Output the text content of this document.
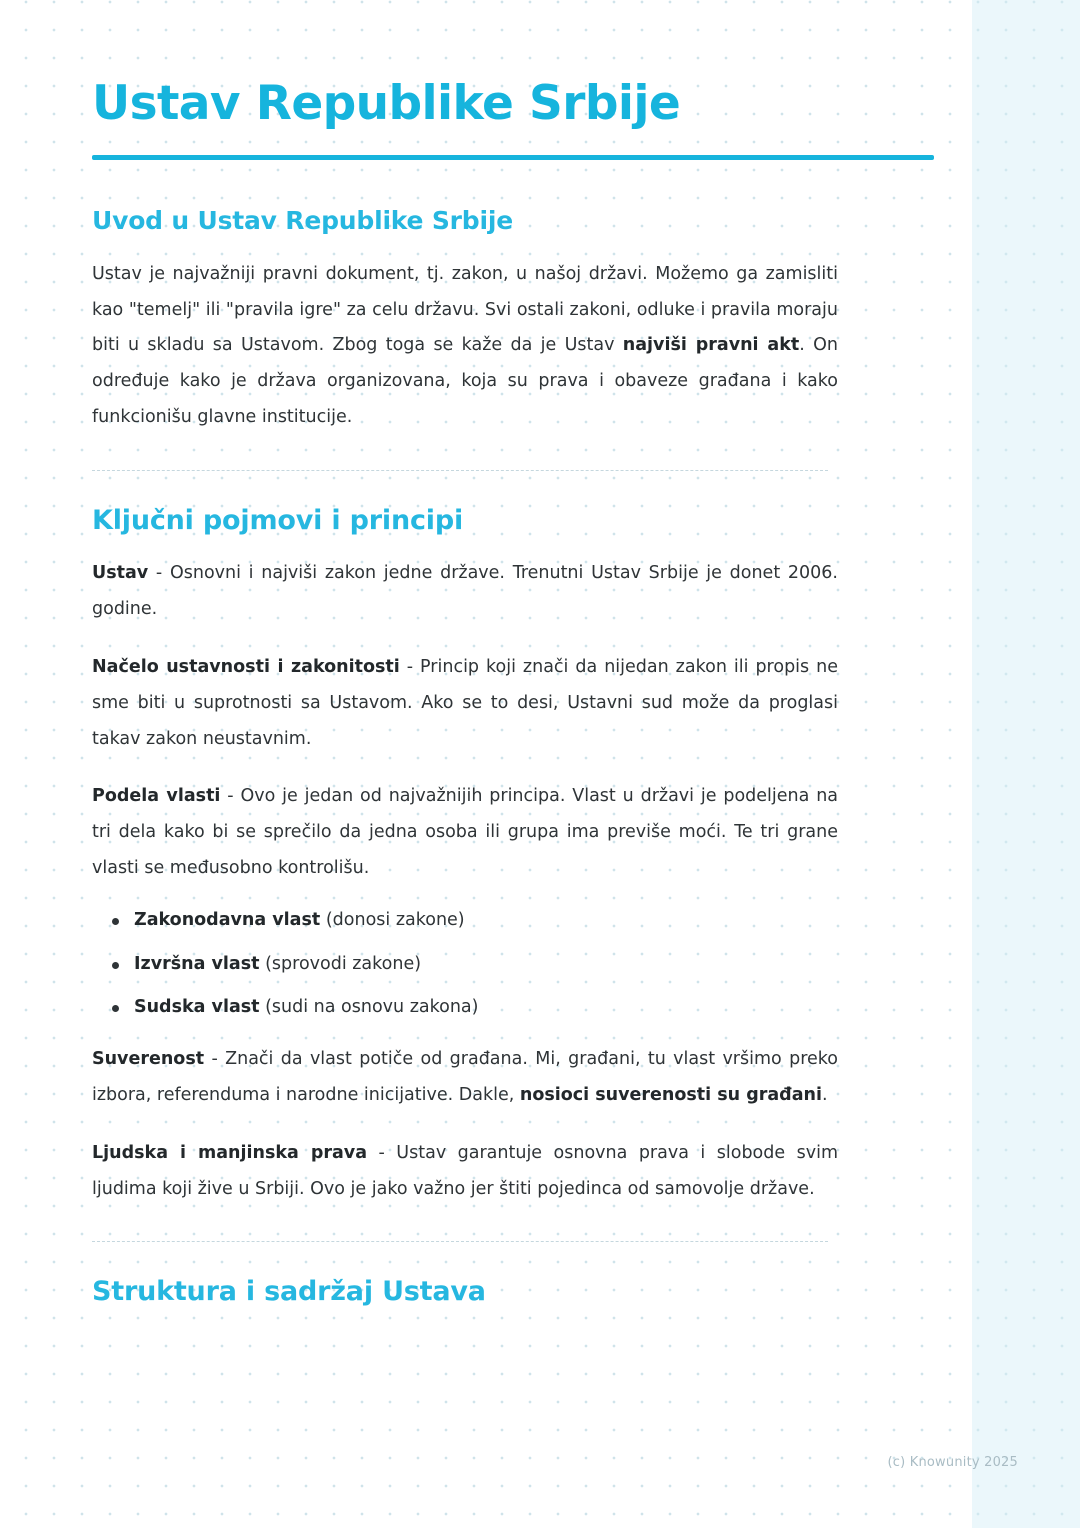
Ustav Republike Srbije
Uvod u Ustav Republike Srbije

Ustav je najvažniji pravni dokument, tj. zakon, u našoj državi. Možemo ga zamisliti kao "temelj" ili "pravila igre" za celu državu. Svi ostali zakoni, odluke i pravila moraju biti u skladu sa Ustavom. Zbog toga se kaže da je Ustav najviši pravni akt. On određuje kako je država organizovana, koja su prava i obaveze građana i kako funkcionišu glavne institucije.

Ključni pojmovi i principi

Ustav - Osnovni i najviši zakon jedne države. Trenutni Ustav Srbije je donet 2006. godine.

Načelo ustavnosti i zakonitosti - Princip koji znači da nijedan zakon ili propis ne sme biti u suprotnosti sa Ustavom. Ako se to desi, Ustavni sud može da proglasi takav zakon neustavnim.

Podela vlasti - Ovo je jedan od najvažnijih principa. Vlast u državi je podeljena na tri dela kako bi se sprečilo da jedna osoba ili grupa ima previše moći. Te tri grane vlasti se međusobno kontrolišu.

Zakonodavna vlast (donosi zakone)
Izvršna vlast (sprovodi zakone)
Sudska vlast (sudi na osnovu zakona)

Suverenost - Znači da vlast potiče od građana. Mi, građani, tu vlast vršimo preko izbora, referenduma i narodne inicijative. Dakle, nosioci suverenosti su građani.

Ljudska i manjinska prava - Ustav garantuje osnovna prava i slobode svim ljudima koji žive u Srbiji. Ovo je jako važno jer štiti pojedinca od samovolje države.

Struktura i sadržaj Ustava
(c) Knowunity 2025
